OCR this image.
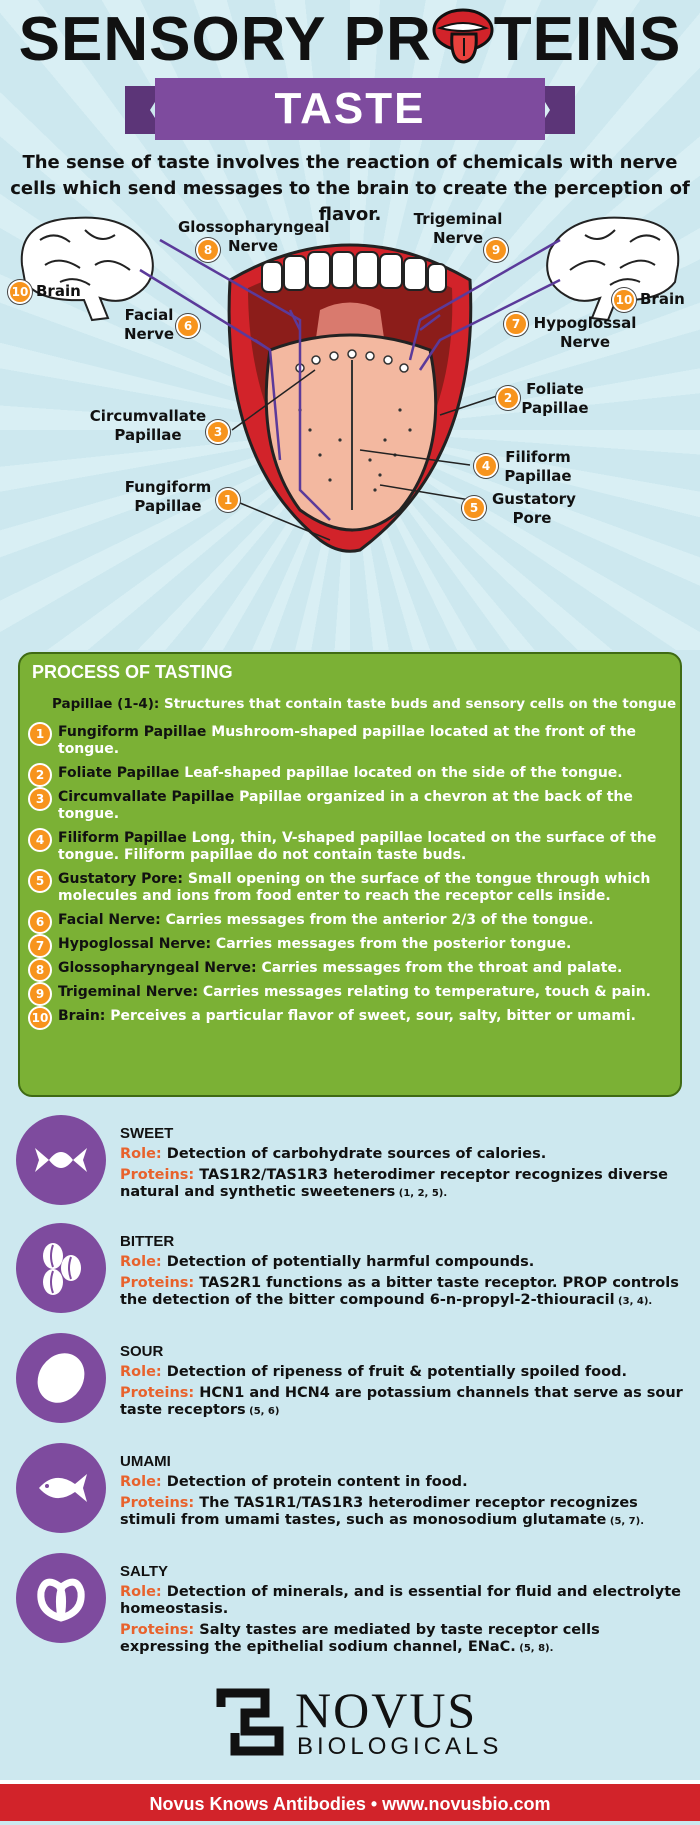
SENSORY PR TEINS
TASTE
The sense of taste involves the reaction of chemicals with nerve cells which send messages to the brain to create the perception of flavor.
Glossopharyngeal Nerve
8
Trigeminal Nerve
9
10 Brain	10 Brain
Facial Nerve 6	7 Hypoglossal Nerve
Circumvallate Papillae	3
2 Foliate Papillae
4	Filiform Papillae
Fungiform Papillae	1
5 Gustatory Pore
PROCESS OF TASTING
Papillae (1-4): Structures that contain taste buds and sensory cells on the tongue
1 Fungiform Papillae Mushroom-shaped papillae located at the front of the tongue.
2 Foliate Papillae Leaf-shaped papillae located on the side of the tongue.
3 Circumvallate Papillae Papillae organized in a chevron at the back of the tongue.
4 Filiform Papillae Long, thin, V-shaped papillae located on the surface of the tongue. Filiform papillae do not contain taste buds.
5 Gustatory Pore: Small opening on the surface of the tongue through which molecules and ions from food enter to reach the receptor cells inside.
6 Facial Nerve: Carries messages from the anterior 2/3 of the tongue.
7 Hypoglossal Nerve: Carries messages from the posterior tongue.
8 Glossopharyngeal Nerve: Carries messages from the throat and palate.
9 Trigeminal Nerve: Carries messages relating to temperature, touch & pain.
10 Brain: Perceives a particular flavor of sweet, sour, salty, bitter or umami.

SWEET

Role: Detection of carbohydrate sources of calories.

Proteins: TAS1R2/TAS1R3 heterodimer receptor recognizes diverse natural and synthetic sweeteners (1, 2, 5).

BITTER

Role: Detection of potentially harmful compounds.

Proteins: TAS2R1 functions as a bitter taste receptor. PROP controls the detection of the bitter compound 6-n-propyl-2-thiouracil (3, 4).

SOUR

Role: Detection of ripeness of fruit & potentially spoiled food.

Proteins: HCN1 and HCN4 are potassium channels that serve as sour taste receptors (5, 6)

UMAMI

Role: Detection of protein content in food.

Proteins: The TAS1R1/TAS1R3 heterodimer receptor recognizes stimuli from umami tastes, such as monosodium glutamate (5, 7).

SALTY

Role: Detection of minerals, and is essential for fluid and electrolyte homeostasis.

Proteins: Salty tastes are mediated by taste receptor cells expressing the epithelial sodium channel, ENaC. (5, 8).

NOVUS
BIOLOGICALS
Novus Knows Antibodies • www.novusbio.com
